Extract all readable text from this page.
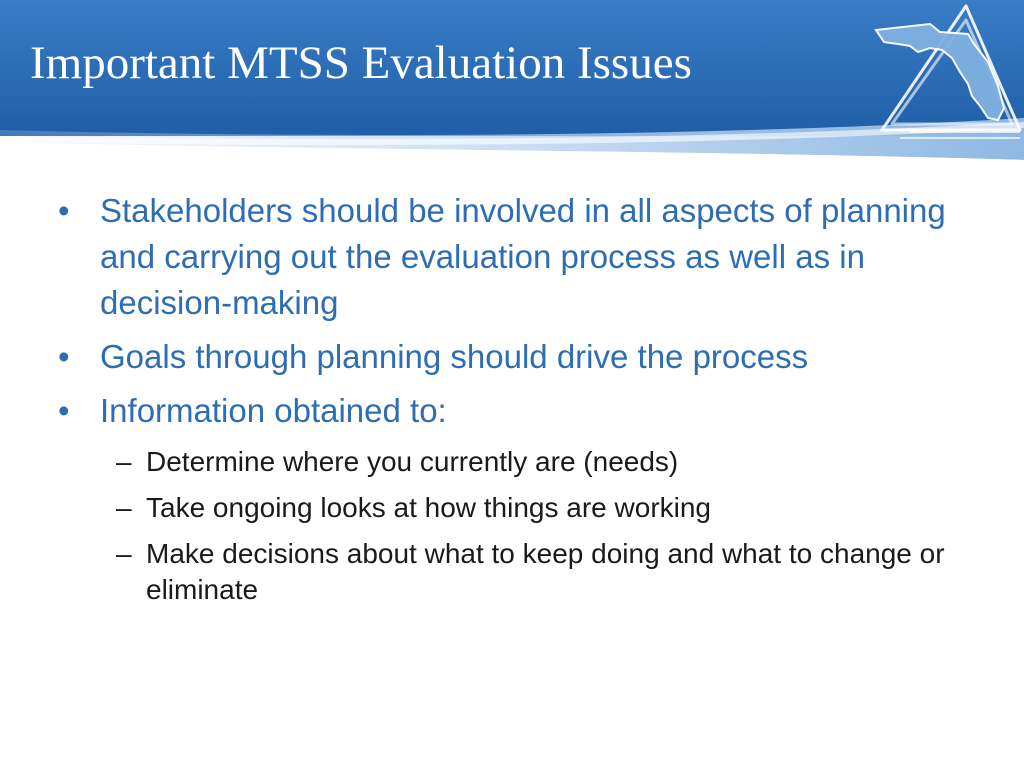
Important MTSS Evaluation Issues
• Stakeholders should be involved in all aspects of planning and carrying out the evaluation process as well as in decision-making
• Goals through planning should drive the process
• Information obtained to:
– Determine where you currently are (needs)
– Take ongoing looks at how things are working
– Make decisions about what to keep doing and what to change or eliminate
